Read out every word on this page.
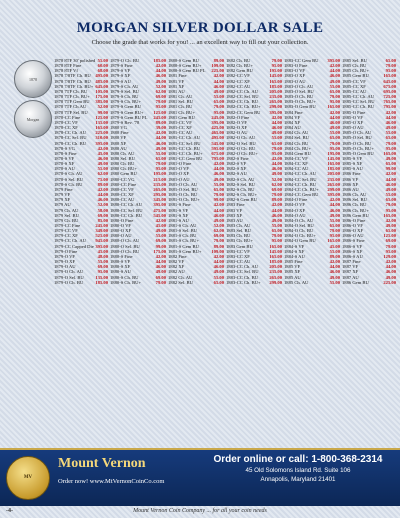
MORGAN SILVER DOLLAR SALE
Choose the grade that works for you! ... an excellent way to fill out your collection.
1878 8TF 30' polished 55.00
1878 8TF Fine	60.00
1878 8TF Vf	68.00
1878 7/8TF Ch. BU 495.00
1878 7/8TF Ch. BU 485.00
1878 7/8TF Ch. BU+ 645.00
1878 7TF Ch. BU	105.00
1878 7TF Ch. BU+	175.00
1878 7TF Gem BU	385.00
1878 7TF Ch.AU	52.00
1878 7TF Sel. BU	99.00
1878-CC Fine	125.00
1878-CC VF	135.00
1878-CC XF	165.00
1878-CC Ch. AU	225.00
1878-CC Sel. BU	310.00
1878-CC Ch. BU	395.00
1878-S VG	42.00
1878-S Fine	45.00
1878-S VF	46.00
1878-S XF	49.00
1878-S AU	55.00
1878-S Ch. AU	62.00
1878-S Sel. BU	75.00
1878-S Ch. BU	89.00
1879 Fine	42.00
1879 VF	44.00
1879 XF	46.00
1879 AU	52.00
1879 Ch. AU	58.00
1879 Sel. BU	69.00
1879 Ch. BU	85.00
1879-CC Fine	245.00
1879-CC VF	349.00
1879-CC XF	525.00
1879-CC Ch. AU	945.00
1879-CC Capped Die 395.00
1879-O Fine	45.00
1879-O VF	48.00
1879-O XF	55.00
1879-O AU	69.00
1879-O Ch. AU	95.00
1879-O Sel. BU	135.00
1879-O Ch. BU	185.00
1879-O Ch. BU	185.00
1879-S Fine	42.00
1879-S VF	44.00
1879-S XF	46.00
1879-S AU	49.00
1879-S Ch. AU	52.00
1879-S Sel. BU	62.00
1879-S Ch. BU	69.00
1879-S Ch. BU+	79.00
1879-S Gem BU	95.00
1879-S Gem BU+	125.00
1879-S Gem BU PL	245.00
1879-S Rev. '78	89.00
1880 VG	39.00
1880 Fine	42.00
1880 VF	44.00
1880 XF	46.00
1880 AU	49.00
1880 Ch. AU	55.00
1880 Sel. BU	65.00
1880 Ch. BU	79.00
1880 Ch. BU+	95.00
1880 Gem BU	195.00
1880-CC VG	215.00
1880-CC Fine	235.00
1880-CC VF	265.00
1880-CC XF	295.00
1880-CC AU	345.00
1880-CC Ch. AU	395.00
1880-CC Sel. BU	475.00
1880-CC Ch. BU	545.00
1880-O Fine	42.00
1880-O VF	45.00
1880-O XF	49.00
1880-O AU	55.00
1880-O Ch. AU	69.00
1880-O Sel. BU	99.00
1880-O Ch. BU	175.00
1880-S Fine	42.00
1880-S VF	44.00
1880-S XF	46.00
1880-S AU	49.00
1880-S Ch. BU	69.00
1880-S Ch. BU+	79.00
1880-S Gem BU	89.00
1880-S Gem BU+	109.00
1880-S Gem BU PL	225.00
1881 Fine	42.00
1881 VF	44.00
1881 XF	46.00
1881 AU	49.00
1881 Ch. AU	55.00
1881 Sel. BU	65.00
1881 Ch. BU	79.00
1881 Ch. BU+	95.00
1881 Gem BU	245.00
1881-CC VF	395.00
1881-CC XF	425.00
1881-CC AU	465.00
1881-CC Ch. AU	495.00
1881-CC Sel. BU	545.00
1881-CC Ch. BU	595.00
1881-CC Ch. BU+	675.00
1881-CC Gem BU	795.00
1881-O Fine	42.00
1881-O VF	44.00
1881-O XF	46.00
1881-O AU	49.00
1881-O Ch. AU	55.00
1881-O Sel. BU	65.00
1881-O Ch. BU	79.00
1881-O Ch. BU+	99.00
1881-S Fine	42.00
1881-S VF	44.00
1881-S XF	46.00
1881-S AU	49.00
1881-S Ch. AU	52.00
1881-S Sel. BU	62.00
1881-S Ch. BU	69.00
1881-S Ch. BU+	79.00
1881-S Gem BU	89.00
1881-S Gem BU+	109.00
1882 Fine	42.00
1882 VF	44.00
1882 XF	46.00
1882 AU	49.00
1882 Ch. AU	55.00
1882 Sel. BU	65.00
1882 Ch. BU	79.00
1882 Ch. BU+	95.00
1882 Gem BU	195.00
1882-CC VF	145.00
1882-CC XF	165.00
1882-CC AU	185.00
1882-CC Ch. AU	205.00
1882-CC Sel. BU	235.00
1882-CC Ch. BU	265.00
1882-CC Ch. BU+	299.00
1882-CC Gem BU	395.00
1882-O Fine	42.00
1882-O VF	44.00
1882-O XF	46.00
1882-O AU	49.00
1882-O Ch. AU	55.00
1882-O Sel. BU	65.00
1882-O Ch. BU	79.00
1882-O Ch. BU+	95.00
1882-S Fine	42.00
1882-S VF	44.00
1882-S XF	46.00
1882-S AU	49.00
1882-S Ch. AU	52.00
1882-S Sel. BU	62.00
1882-S Ch. BU	69.00
1882-S Ch. BU+	79.00
1882-S Gem BU	89.00
1883 Fine	42.00
1883 VF	44.00
1883 XF	46.00
1883 AU	49.00
1883 Ch. AU	55.00
1883 Sel. BU	65.00
1883 Ch. BU	79.00
1883 Ch. BU+	95.00
1883 Gem BU	165.00
1883-CC VF	145.00
1883-CC XF	165.00
1883-CC AU	185.00
1883-CC Ch. AU	205.00
1883-CC Sel. BU	235.00
1883-CC Ch. BU	265.00
1883-CC Ch. BU+	299.00
1883-CC Gem BU	395.00
1883-O Fine	42.00
1883-O VF	44.00
1883-O XF	46.00
1883-O AU	49.00
1883-O Ch. AU	55.00
1883-O Sel. BU	65.00
1883-O Ch. BU	79.00
1883-O Ch. BU+	95.00
1883-O Gem BU	165.00
1884 Fine	42.00
1884 VF	44.00
1884 XF	46.00
1884 AU	49.00
1884 Ch. AU	55.00
1884 Sel. BU	65.00
1884 Ch. BU	79.00
1884 Ch. BU+	95.00
1884 Gem BU	195.00
1884-CC VF	145.00
1884-CC XF	165.00
1884-CC AU	185.00
1884-CC Ch. AU	205.00
1884-CC Sel. BU	235.00
1884-CC Ch. BU	265.00
1884-CC Ch. BU+	299.00
1884-CC Gem BU	395.00
1884-O Fine	42.00
1884-O VF	44.00
1884-O XF	46.00
1884-O AU	49.00
1884-O Ch. AU	55.00
1884-O Sel. BU	65.00
1884-O Ch. BU	79.00
1884-O Ch. BU+	95.00
1884-O Gem BU	165.00
1884-S VF	45.00
1884-S XF	55.00
1884-S AU	89.00
1885 Fine	42.00
1885 VF	44.00
1885 XF	46.00
1885 AU	49.00
1885 Ch. AU	55.00
1885 Sel. BU	65.00
1885 Ch. BU	79.00
1885 Ch. BU+	95.00
1885 Gem BU	165.00
1885-CC VF	645.00
1885-CC XF	675.00
1885-CC AU	695.00
1885-CC Ch. AU	725.00
1885-CC Sel. BU	765.00
1885-CC Ch. BU	795.00
1885-O Fine	42.00
1885-O VF	44.00
1885-O XF	46.00
1885-O AU	49.00
1885-O Ch. AU	55.00
1885-O Sel. BU	65.00
1885-O Ch. BU	79.00
1885-O Ch. BU+	95.00
1885-O Gem BU	165.00
1885-S VF	49.00
1885-S XF	65.00
1885-S AU	99.00
1886 Fine	42.00
1886 VF	44.00
1886 XF	46.00
1886 AU	49.00
1886 Ch. AU	55.00
1886 Sel. BU	65.00
1886 Ch. BU	79.00
1886 Ch. BU+	95.00
1886 Gem BU	165.00
1886-O Fine	42.00
1886-O VF	49.00
1886-O XF	65.00
1886-O AU	125.00
1886-S Fine	69.00
1886-S VF	79.00
1886-S XF	95.00
1886-S AU	129.00
1887 Fine	42.00
1887 VF	44.00
1887 XF	46.00
1887 AU	49.00
1886 Gem BU	225.00
1878
Morgan
MV
Mount Vernon
Order now! www.MtVernonCoinCo.com
Order online or call: 1-800-368-2314
45 Old Solomons Island Rd. Suite 106
Annapolis, Maryland 21401
-4-	Mount Vernon Coin Company ... for all your coin needs
